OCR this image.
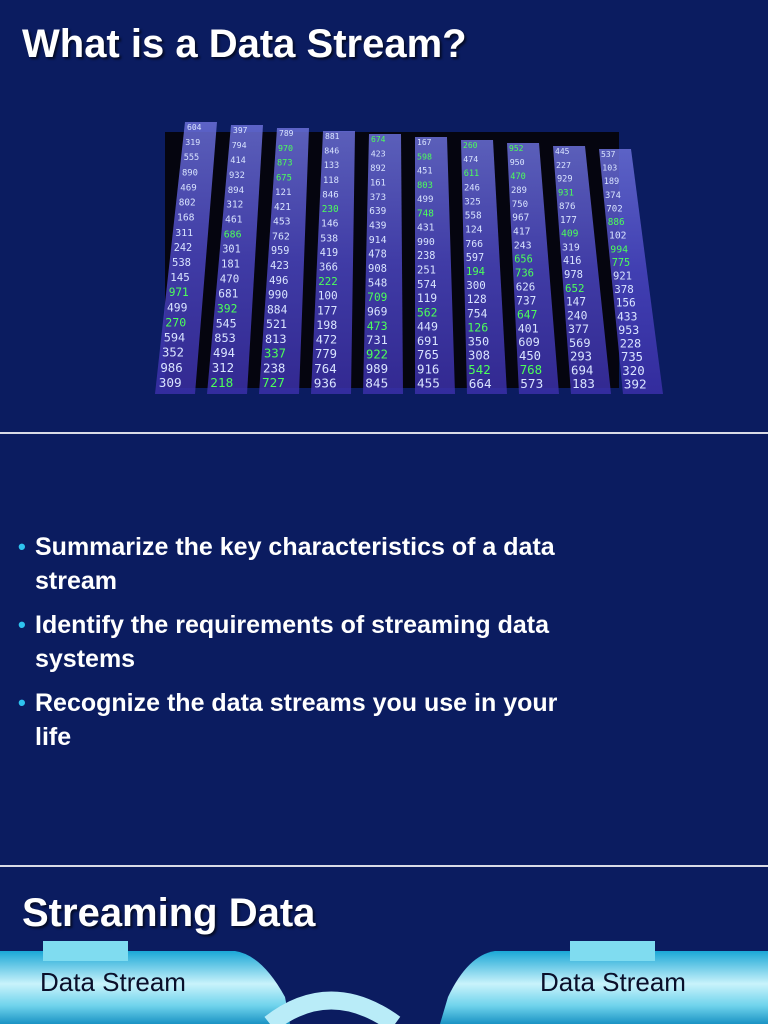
What is a Data Stream?
604
319
555
890
469
802
168
311
242
538
145
971
499
270
594
352
986
309
397
794
414
932
894
312
461
686
301
181
470
681
392
545
853
494
312
218
789
970
873
675
121
421
453
762
959
423
496
990
884
521
813
337
238
727
881
846
133
118
846
230
146
538
419
366
222
100
177
198
472
779
764
936
674
423
892
161
373
639
439
914
478
908
548
709
969
473
731
922
989
845
167
598
451
803
499
748
431
990
238
251
574
119
562
449
691
765
916
455
260
474
611
246
325
558
124
766
597
194
300
128
754
126
350
308
542
664
952
950
470
289
750
967
417
243
656
736
626
737
647
401
609
450
768
573
445
227
929
931
876
177
409
319
416
978
652
147
240
377
569
293
694
183
537
103
189
374
702
886
102
994
775
921
378
156
433
953
228
735
320
392
• Summarize the key characteristics of a data stream
• Identify the requirements of streaming data systems
• Recognize the data streams you use in your life
Streaming Data
Data Stream	Data Stream
